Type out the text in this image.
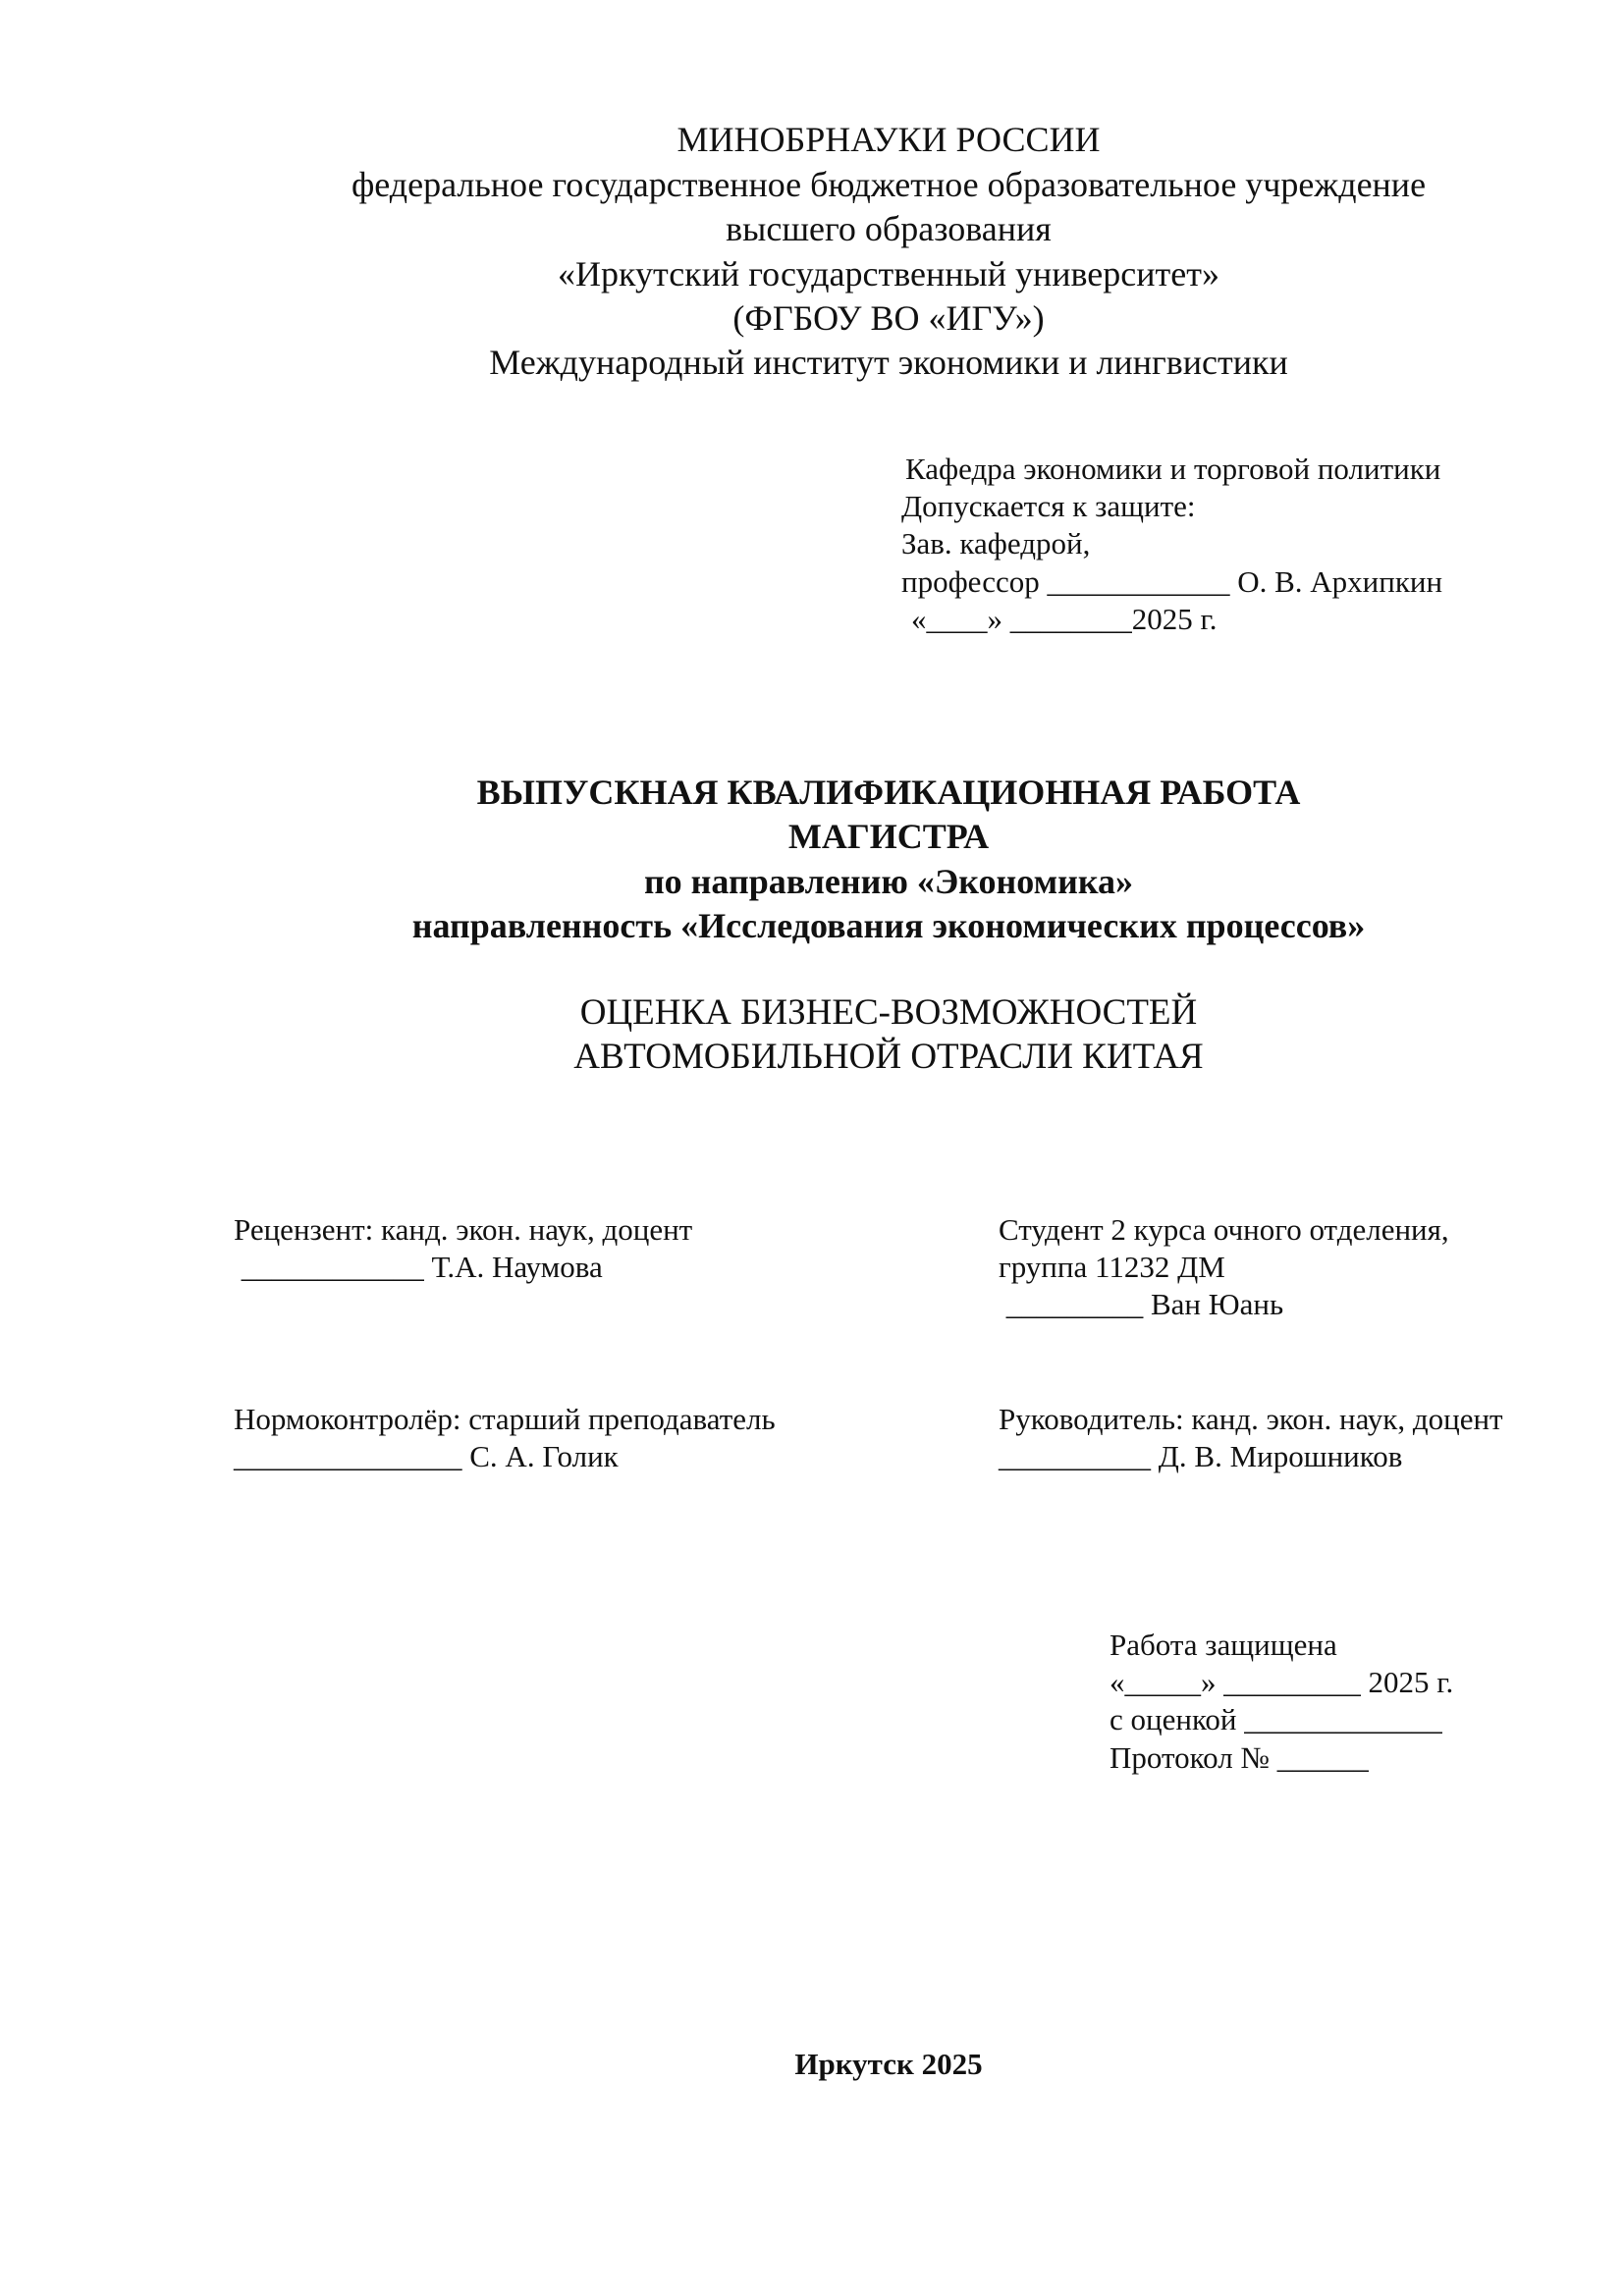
МИНОБРНАУКИ РОССИИ
федеральное государственное бюджетное образовательное учреждение
высшего образования
«Иркутский государственный университет»
(ФГБОУ ВО «ИГУ»)
Международный институт экономики и лингвистики
Кафедра экономики и торговой политики
Допускается к защите:
Зав. кафедрой,
профессор ____________ О. В. Архипкин
«____» ________2025 г.
ВЫПУСКНАЯ КВАЛИФИКАЦИОННАЯ РАБОТА
МАГИСТРА
по направлению «Экономика»
направленность «Исследования экономических процессов»
ОЦЕНКА БИЗНЕС-ВОЗМОЖНОСТЕЙ
АВТОМОБИЛЬНОЙ ОТРАСЛИ КИТАЯ
Рецензент: канд. экон. наук, доцент
____________ Т.А. Наумова
Студент 2 курса очного отделения,
группа 11232 ДМ
_________ Ван Юань
Нормоконтролёр: старший преподаватель
_______________ С. А. Голик
Руководитель: канд. экон. наук, доцент
__________ Д. В. Мирошников
Работа защищена
«_____» _________ 2025 г.
с оценкой _____________
Протокол № ______
Иркутск 2025
